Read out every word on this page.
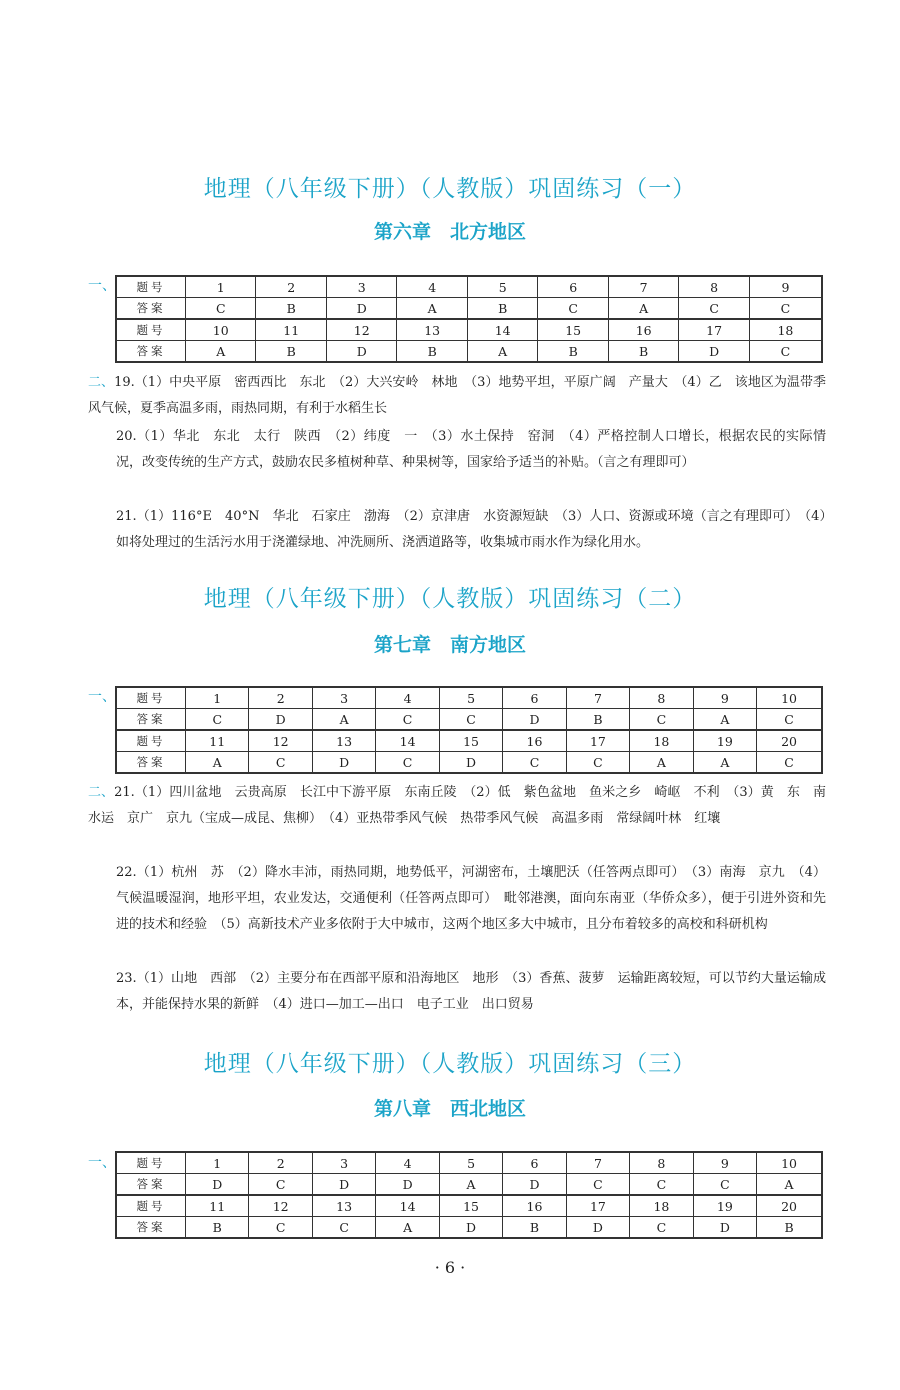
地理（八年级下册）（人教版）巩固练习（一）
第六章　北方地区
一、 题号	1	2	3	4	5	6	7	8	9
答案	C	B	D	A	B	C	A	C	C
题号	10	11	12	13	14	15	16	17	18
答案	A	B	D	B	A	B	B	D	C
二、19.（1）中央平原　密西西比　东北　（2）大兴安岭　林地　（3）地势平坦，平原广阔　产量大　（4）乙　该地区为温带季风气候，夏季高温多雨，雨热同期，有利于水稻生长
20.（1）华北　东北　太行　陕西　（2）纬度　一　（3）水土保持　窑洞　（4）严格控制人口增长，根据农民的实际情况，改变传统的生产方式，鼓励农民多植树种草、种果树等，国家给予适当的补贴。（言之有理即可）
21.（1）116°E　40°N　华北　石家庄　渤海　（2）京津唐　水资源短缺　（3）人口、资源或环境（言之有理即可）　（4）如将处理过的生活污水用于浇灌绿地、冲洗厕所、浇洒道路等，收集城市雨水作为绿化用水。
地理（八年级下册）（人教版）巩固练习（二）
第七章　南方地区
一、 题号	1	2	3	4	5	6	7	8	9	10
答案	C	D	A	C	C	D	B	C	A	C
题号	11	12	13	14	15	16	17	18	19	20
答案	A	C	D	C	D	C	C	A	A	C
二、21.（1）四川盆地　云贵高原　长江中下游平原　东南丘陵　（2）低　紫色盆地　鱼米之乡　崎岖　不利　（3）黄　东　南　水运　京广　京九（宝成—成昆、焦柳）　（4）亚热带季风气候　热带季风气候　高温多雨　常绿阔叶林　红壤
22.（1）杭州　苏　（2）降水丰沛，雨热同期，地势低平，河湖密布，土壤肥沃（任答两点即可）　（3）南海　京九　（4）气候温暖湿润，地形平坦，农业发达，交通便利（任答两点即可）　毗邻港澳，面向东南亚（华侨众多），便于引进外资和先进的技术和经验　（5）高新技术产业多依附于大中城市，这两个地区多大中城市，且分布着较多的高校和科研机构
23.（1）山地　西部　（2）主要分布在西部平原和沿海地区　地形　（3）香蕉、菠萝　运输距离较短，可以节约大量运输成本，并能保持水果的新鲜　（4）进口—加工—出口　电子工业　出口贸易
地理（八年级下册）（人教版）巩固练习（三）
第八章　西北地区
一、 题号	1	2	3	4	5	6	7	8	9	10
答案	D	C	D	D	A	D	C	C	C	A
题号	11	12	13	14	15	16	17	18	19	20
答案	B	C	C	A	D	B	D	C	D	B
· 6 ·
